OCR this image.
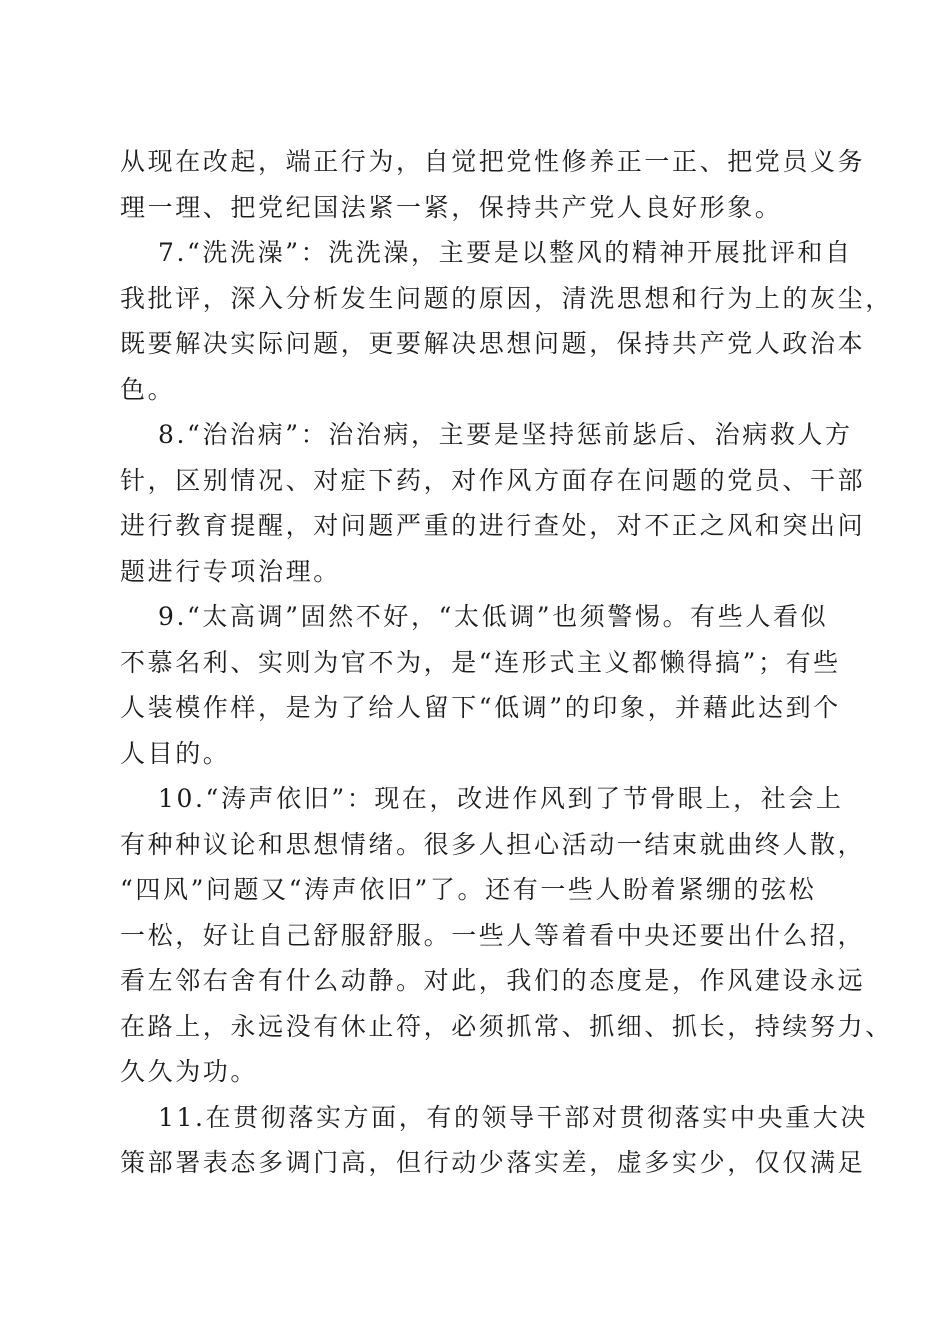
从现在改起，端正行为，自觉把党性修养正一正、把党员义务

理一理、把党纪国法紧一紧，保持共产党人良好形象。

7.“洗洗澡”：洗洗澡，主要是以整风的精神开展批评和自

我批评，深入分析发生问题的原因，清洗思想和行为上的灰尘，

既要解决实际问题，更要解决思想问题，保持共产党人政治本

色。

8.“治治病”：治治病，主要是坚持惩前毖后、治病救人方

针，区别情况、对症下药，对作风方面存在问题的党员、干部

进行教育提醒，对问题严重的进行查处，对不正之风和突出问

题进行专项治理。

9.“太高调”固然不好，“太低调”也须警惕。有些人看似

不慕名利、实则为官不为，是“连形式主义都懒得搞”；有些

人装模作样，是为了给人留下“低调”的印象，并藉此达到个

人目的。

10.“涛声依旧”：现在，改进作风到了节骨眼上，社会上

有种种议论和思想情绪。很多人担心活动一结束就曲终人散，

“四风”问题又“涛声依旧”了。还有一些人盼着紧绷的弦松

一松，好让自己舒服舒服。一些人等着看中央还要出什么招，

看左邻右舍有什么动静。对此，我们的态度是，作风建设永远

在路上，永远没有休止符，必须抓常、抓细、抓长，持续努力、

久久为功。

11.在贯彻落实方面，有的领导干部对贯彻落实中央重大决

策部署表态多调门高，但行动少落实差，虚多实少，仅仅满足
